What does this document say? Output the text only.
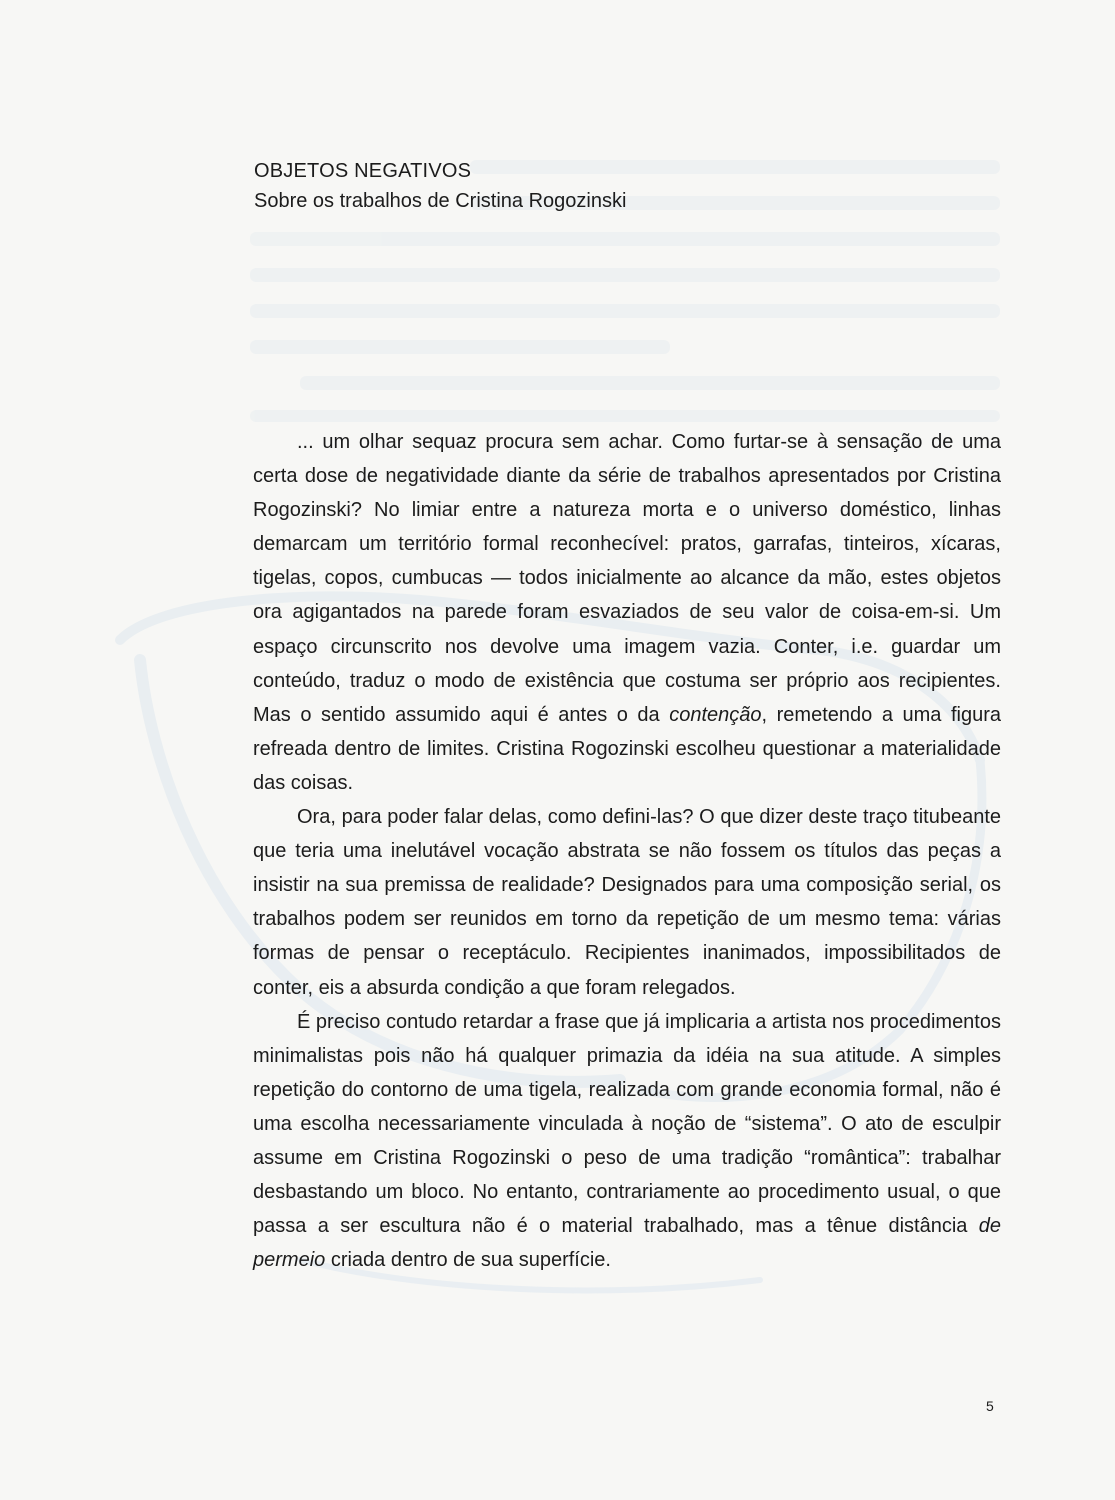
OBJETOS NEGATIVOS

Sobre os trabalhos de Cristina Rogozinski

... um olhar sequaz procura sem achar. Como furtar-se à sensação de uma certa dose de negatividade diante da série de trabalhos apresentados por Cristina Rogozinski? No limiar entre a natureza morta e o universo doméstico, linhas demarcam um território formal reconhecível: pratos, garrafas, tinteiros, xícaras, tigelas, copos, cumbucas — todos inicialmente ao alcance da mão, estes objetos ora agigantados na parede foram esvaziados de seu valor de coisa-em-si. Um espaço circunscrito nos devolve uma imagem vazia. Conter, i.e. guardar um conteúdo, traduz o modo de existência que costuma ser próprio aos recipientes. Mas o sentido assumido aqui é antes o da contenção, remetendo a uma figura refreada dentro de limites. Cristina Rogozinski escolheu questionar a materialidade das coisas.

Ora, para poder falar delas, como defini-las? O que dizer deste traço titubeante que teria uma inelutável vocação abstrata se não fossem os títulos das peças a insistir na sua premissa de realidade? Designados para uma composição serial, os trabalhos podem ser reunidos em torno da repetição de um mesmo tema: várias formas de pensar o receptáculo. Recipientes inanimados, impossibilitados de conter, eis a absurda condição a que foram relegados.

É preciso contudo retardar a frase que já implicaria a artista nos procedimentos minimalistas pois não há qualquer primazia da idéia na sua atitude. A simples repetição do contorno de uma tigela, realizada com grande economia formal, não é uma escolha necessariamente vinculada à noção de “sistema”. O ato de esculpir assume em Cristina Rogozinski o peso de uma tradição “romântica”: trabalhar desbastando um bloco. No entanto, contrariamente ao procedimento usual, o que passa a ser escultura não é o material trabalhado, mas a tênue distância de permeio criada dentro de sua superfície.

5
